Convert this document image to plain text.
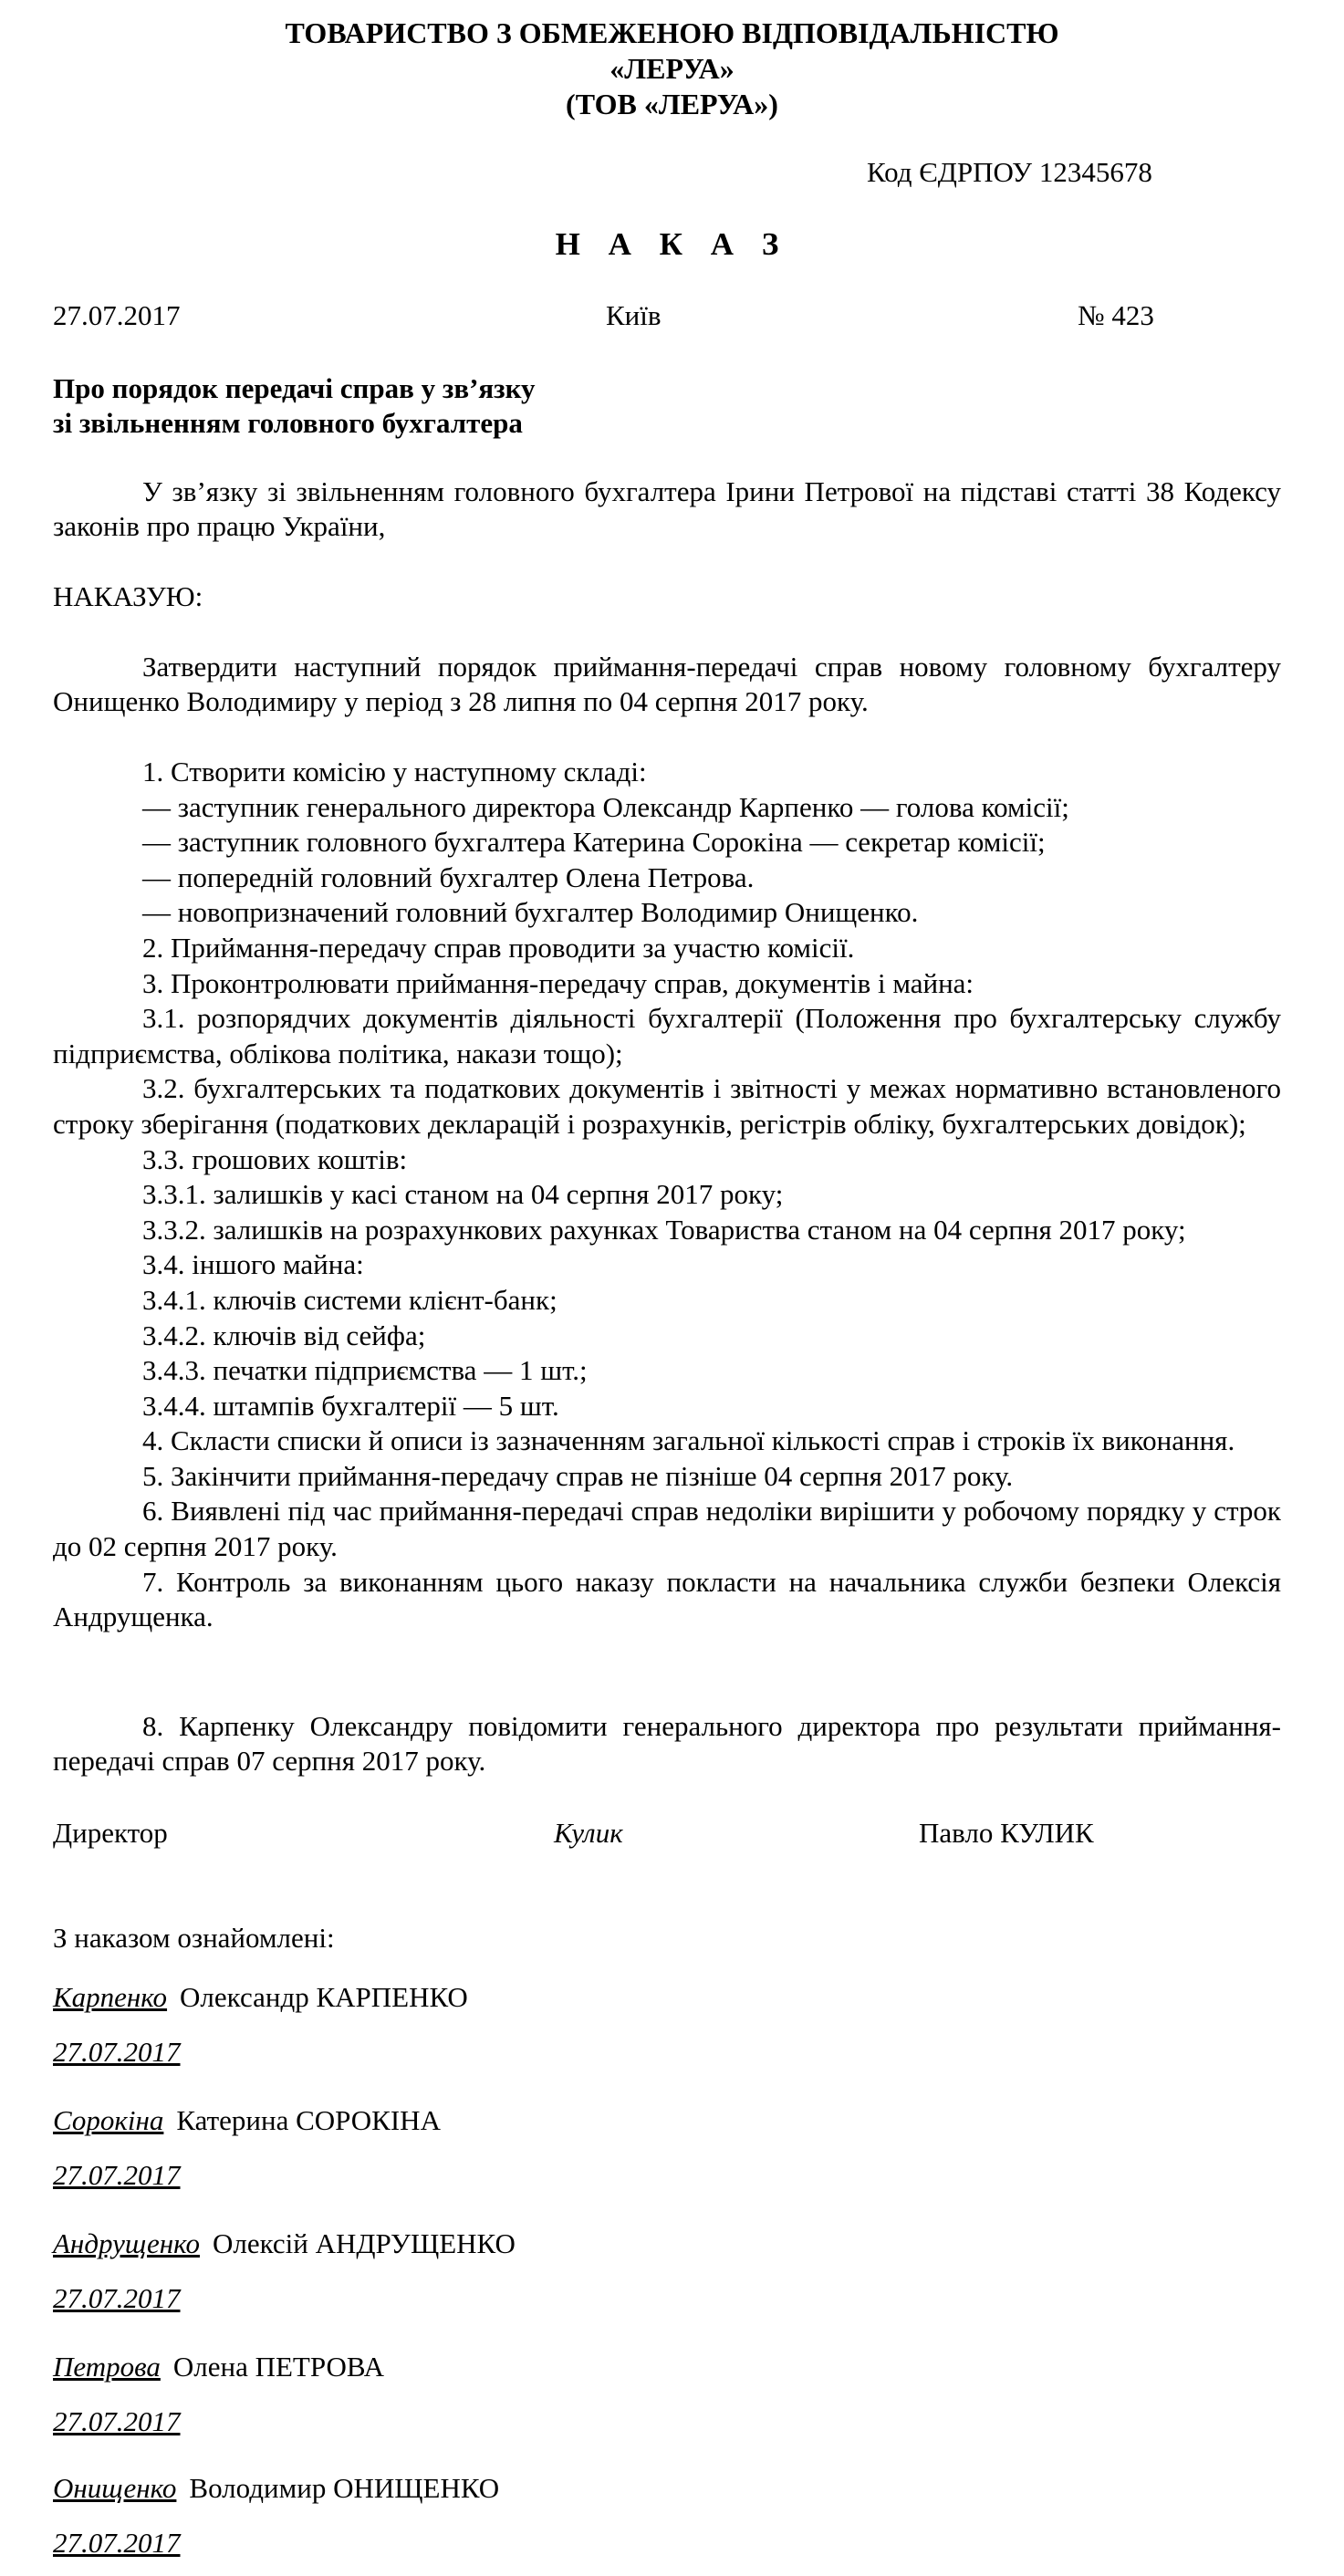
ТОВАРИСТВО З ОБМЕЖЕНОЮ ВІДПОВІДАЛЬНІСТЮ
«ЛЕРУА»
(ТОВ «ЛЕРУА»)
Код ЄДРПОУ 12345678
Н А К А З
27.07.2017	Київ	№ 423
Про порядок передачі справ у зв’язку
зі звільненням головного бухгалтера
У зв’язку зі звільненням головного бухгалтера Ірини Петрової на підставі статті 38 Кодексу законів про працю України,
НАКАЗУЮ:
Затвердити наступний порядок приймання-передачі справ новому головному бухгалтеру Онищенко Володимиру у період з 28 липня по 04 серпня 2017 року.
1. Створити комісію у наступному складі:
— заступник генерального директора Олександр Карпенко — голова комісії;
— заступник головного бухгалтера Катерина Сорокіна — секретар комісії;
— попередній головний бухгалтер Олена Петрова.
— новопризначений головний бухгалтер Володимир Онищенко.
2. Приймання-передачу справ проводити за участю комісії.
3. Проконтролювати приймання-передачу справ, документів і майна:
3.1. розпорядчих документів діяльності бухгалтерії (Положення про бухгалтерську службу підприємства, облікова політика, накази тощо);
3.2. бухгалтерських та податкових документів і звітності у межах нормативно встановленого строку зберігання (податкових декларацій і розрахунків, регістрів обліку, бухгалтерських довідок);
3.3. грошових коштів:
3.3.1. залишків у касі станом на 04 серпня 2017 року;
3.3.2. залишків на розрахункових рахунках Товариства станом на 04 серпня 2017 року;
3.4. іншого майна:
3.4.1. ключів системи клієнт-банк;
3.4.2. ключів від сейфа;
3.4.3. печатки підприємства — 1 шт.;
3.4.4. штампів бухгалтерії — 5 шт.
4. Скласти списки й описи із зазначенням загальної кількості справ і строків їх виконання.
5. Закінчити приймання-передачу справ не пізніше 04 серпня 2017 року.
6. Виявлені під час приймання-передачі справ недоліки вирішити у робочому порядку у строк до 02 серпня 2017 року.
7. Контроль за виконанням цього наказу покласти на начальника служби безпеки Олексія Андрущенка.
8. Карпенку Олександру повідомити генерального директора про результати приймання-передачі справ 07 серпня 2017 року.
Директор	Кулик	Павло КУЛИК
З наказом ознайомлені:
Карпенко Олександр КАРПЕНКО
27.07.2017
Сорокіна Катерина СОРОКІНА
27.07.2017
Андрущенко Олексій АНДРУЩЕНКО
27.07.2017
Петрова Олена ПЕТРОВА
27.07.2017
Онищенко Володимир ОНИЩЕНКО
27.07.2017
